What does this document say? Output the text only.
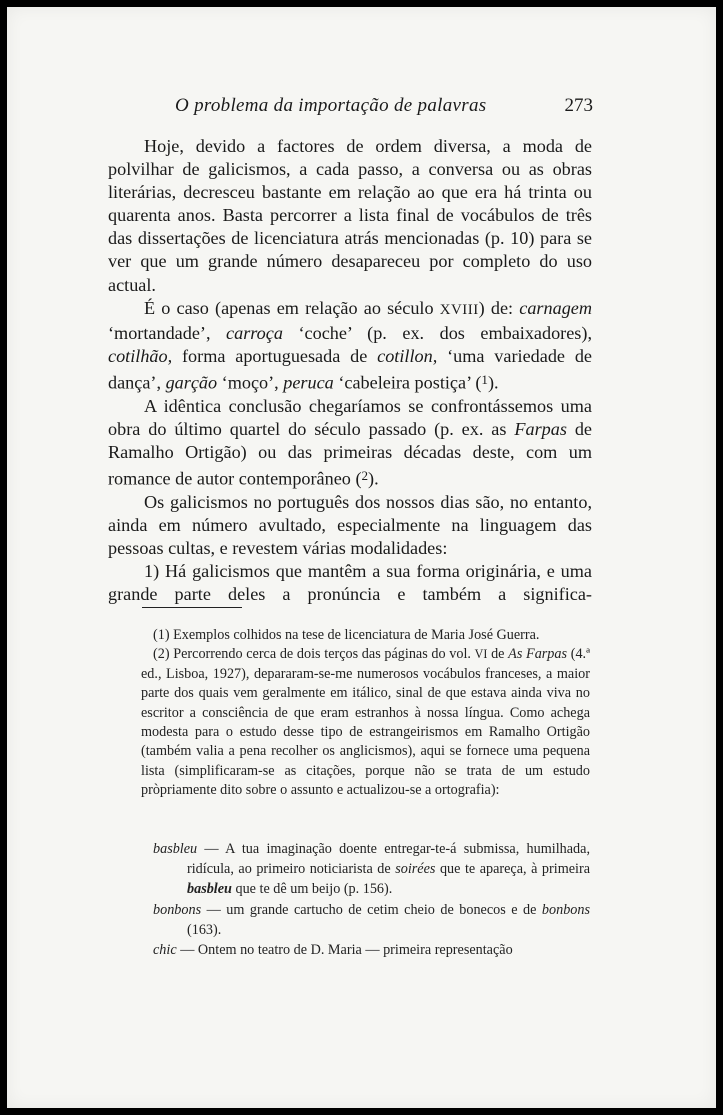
O problema da importação de palavras	273

Hoje, devido a factores de ordem diversa, a moda de polvilhar de galicismos, a cada passo, a conversa ou as obras literárias, decresceu bastante em relação ao que era há trinta ou quarenta anos. Basta percorrer a lista final de vocábulos de três das dissertações de licenciatura atrás mencionadas (p. 10) para se ver que um grande número desapareceu por completo do uso actual.

É o caso (apenas em relação ao século XVIII) de: carnagem ‘mortandade’, carroça ‘coche’ (p. ex. dos embaixadores), cotilhão, forma aportuguesada de cotillon, ‘uma variedade de dança’, garção ‘moço’, peruca ‘cabeleira postiça’ ($^1$).

A idêntica conclusão chegaríamos se confrontássemos uma obra do último quartel do século passado (p. ex. as Farpas de Ramalho Ortigão) ou das primeiras décadas deste, com um romance de autor contemporâneo ($^2$).

Os galicismos no português dos nossos dias são, no entanto, ainda em número avultado, especialmente na linguagem das pessoas cultas, e revestem várias modalidades:

1) Há galicismos que mantêm a sua forma originária, e uma grande parte deles a pronúncia e também a significa-

(1) Exemplos colhidos na tese de licenciatura de Maria José Guerra.

(2) Percorrendo cerca de dois terços das páginas do vol. VI de As Farpas (4.ª ed., Lisboa, 1927), depararam-se-me numerosos vocábulos franceses, a maior parte dos quais vem geralmente em itálico, sinal de que estava ainda viva no escritor a consciência de que eram estranhos à nossa língua. Como achega modesta para o estudo desse tipo de estrangeirismos em Ramalho Ortigão (também valia a pena recolher os anglicismos), aqui se fornece uma pequena lista (simplificaram-se as citações, porque não se trata de um estudo pròpriamente dito sobre o assunto e actualizou-se a ortografia):

basbleu — A tua imaginação doente entregar-te-á submissa, humilhada, ridícula, ao primeiro noticiarista de soirées que te apareça, à primeira basbleu que te dê um beijo (p. 156).

bonbons — um grande cartucho de cetim cheio de bonecos e de bonbons (163).

chic — Ontem no teatro de D. Maria — primeira representação
